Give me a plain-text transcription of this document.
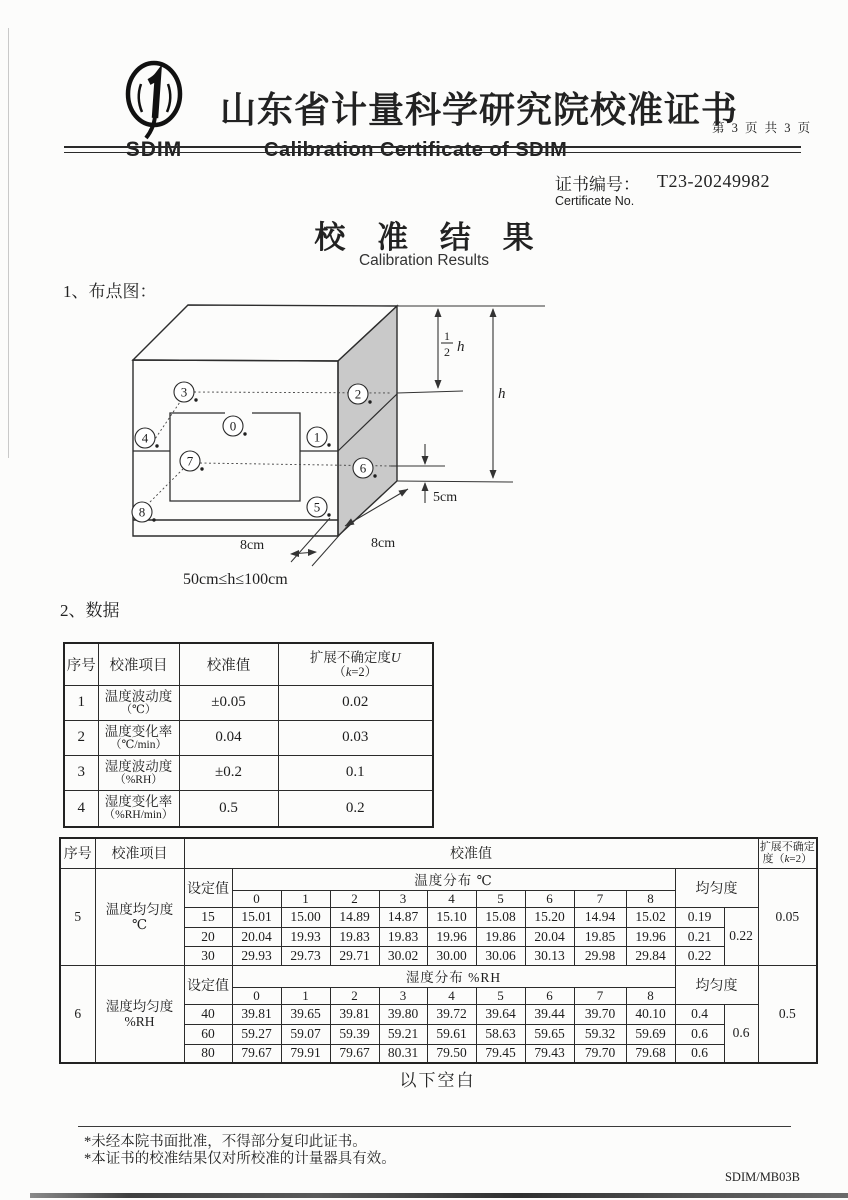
SDIM
山东省计量科学研究院校准证书
第 3 页 共 3 页
Calibration Certificate of SDIM
证书编号： T23-20249982
Certificate No.
校 准 结 果
Calibration Results
1、布点图：
h
1
2 h
5cm
8cm	8cm
0
1
2
3
4
5
6
7
8
50cm≤h≤100cm
2、数据
序号	校准项目	校准值	扩展不确定度U
（k=2）

1	温度波动度
（℃）	±0.05	0.02
2	温度变化率
（℃/min）	0.04	0.03
3	湿度波动度
（%RH）	±0.2	0.1
4	湿度变化率
（%RH/min）	0.5	0.2
序号	校准项目	校准值												扩展不确定
度（k=2）

5	温度均匀度
℃	设定值	温度分布 ℃									均匀度		0.05
			0	1	2	3	4	5	6	7	8			
		15	15.01	15.00	14.89	14.87	15.10	15.08	15.20	14.94	15.02	0.19	0.22	
		20	20.04	19.93	19.83	19.83	19.96	19.86	20.04	19.85	19.96	0.21		
		30	29.93	29.73	29.71	30.02	30.00	30.06	30.13	29.98	29.84	0.22		
6	湿度均匀度
%RH	设定值	湿度分布 %RH									均匀度		0.5
			0	1	2	3	4	5	6	7	8			
		40	39.81	39.65	39.81	39.80	39.72	39.64	39.44	39.70	40.10	0.4	0.6	
		60	59.27	59.07	59.39	59.21	59.61	58.63	59.65	59.32	59.69	0.6		
		80	79.67	79.91	79.67	80.31	79.50	79.45	79.43	79.70	79.68	0.6		
以下空白
*未经本院书面批准，不得部分复印此证书。
*本证书的校准结果仅对所校准的计量器具有效。
SDIM/MB03B
